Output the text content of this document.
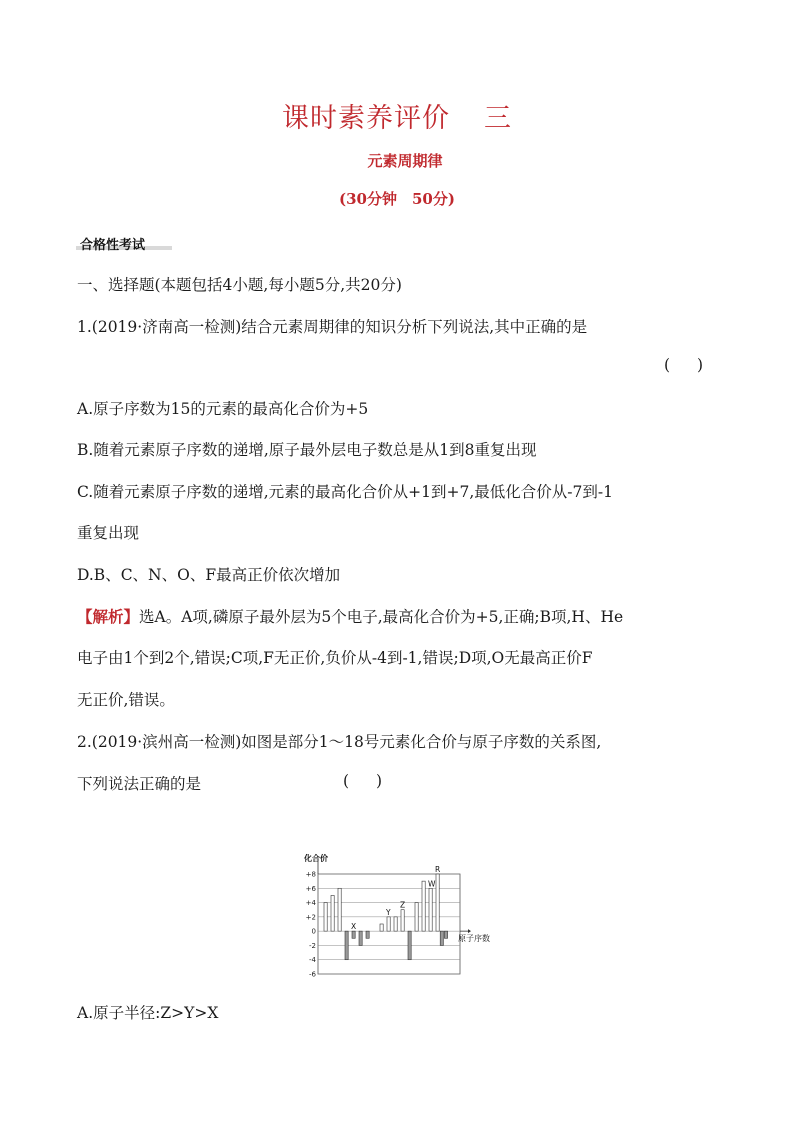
课时素养评价 三
元素周期律
(30分钟　50分)
合格性考试
一、选择题(本题包括4小题,每小题5分,共20分)
1.(2019·济南高一检测)结合元素周期律的知识分析下列说法,其中正确的是
( )
A.原子序数为15的元素的最高化合价为+5
B.随着元素原子序数的递增,原子最外层电子数总是从1到8重复出现
C.随着元素原子序数的递增,元素的最高化合价从+1到+7,最低化合价从-7到-1
重复出现
D.B、C、N、O、F最高正价依次增加
【解析】选A。A项,磷原子最外层为5个电子,最高化合价为+5,正确;B项,H、He
电子由1个到2个,错误;C项,F无正价,负价从-4到-1,错误;D项,O无最高正价F
无正价,错误。
2.(2019·滨州高一检测)如图是部分1～18号元素化合价与原子序数的关系图,
下列说法正确的是	( )
+8
+6
+4
+2
0
-2
-4
-6
化合价
原子序数
X
Y
Z
W
R
A.原子半径:Z>Y>X
